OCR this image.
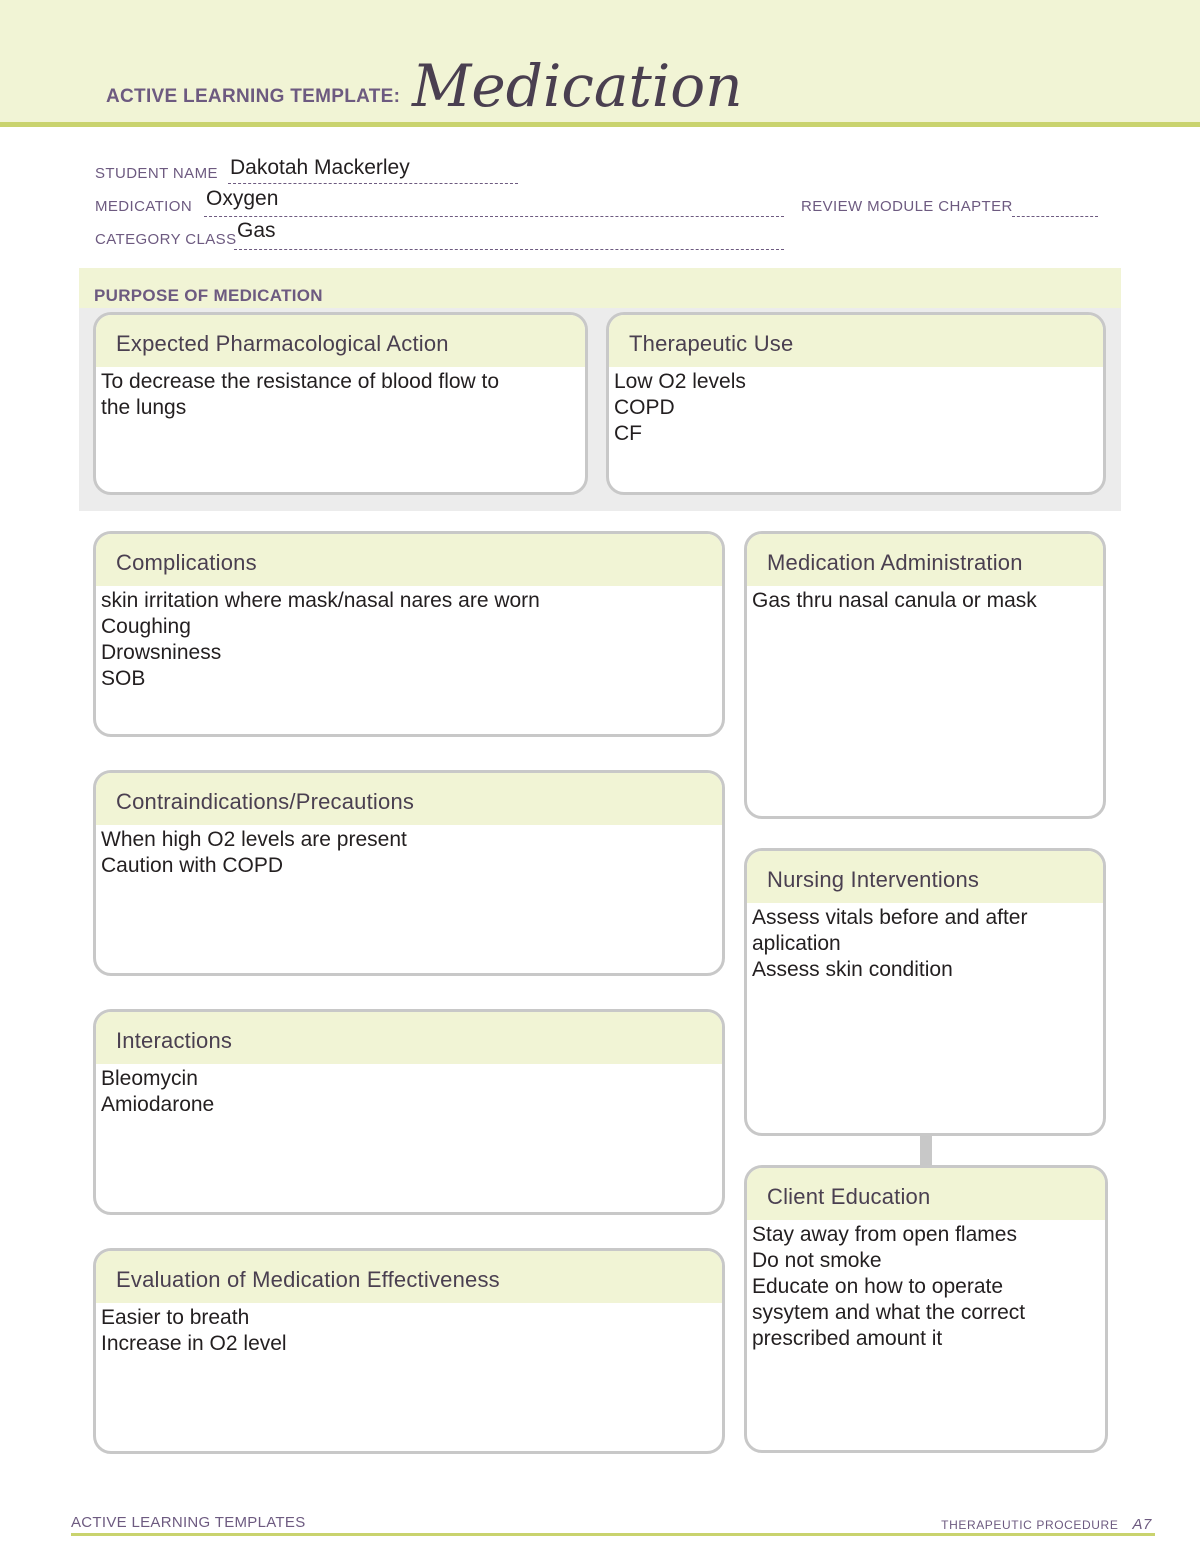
ACTIVE LEARNING TEMPLATE: Medication
STUDENT NAME Dakotah Mackerley
MEDICATION Oxygen	REVIEW MODULE CHAPTER
CATEGORY CLASS Gas
PURPOSE OF MEDICATION
Expected Pharmacological Action
To decrease the resistance of blood flow to
the lungs
Therapeutic Use
Low O2 levels
COPD
CF
Complications
skin irritation where mask/nasal nares are worn
Coughing
Drowsniness
SOB
Contraindications/Precautions
When high O2 levels are present
Caution with COPD
Interactions
Bleomycin
Amiodarone
Evaluation of Medication Effectiveness
Easier to breath
Increase in O2 level
Medication Administration
Gas thru nasal canula or mask
Nursing Interventions
Assess vitals before and after
aplication
Assess skin condition
Client Education
Stay away from open flames
Do not smoke
Educate on how to operate
sysytem and what the correct
prescribed amount it
ACTIVE LEARNING TEMPLATES	THERAPEUTIC PROCEDURE A7
